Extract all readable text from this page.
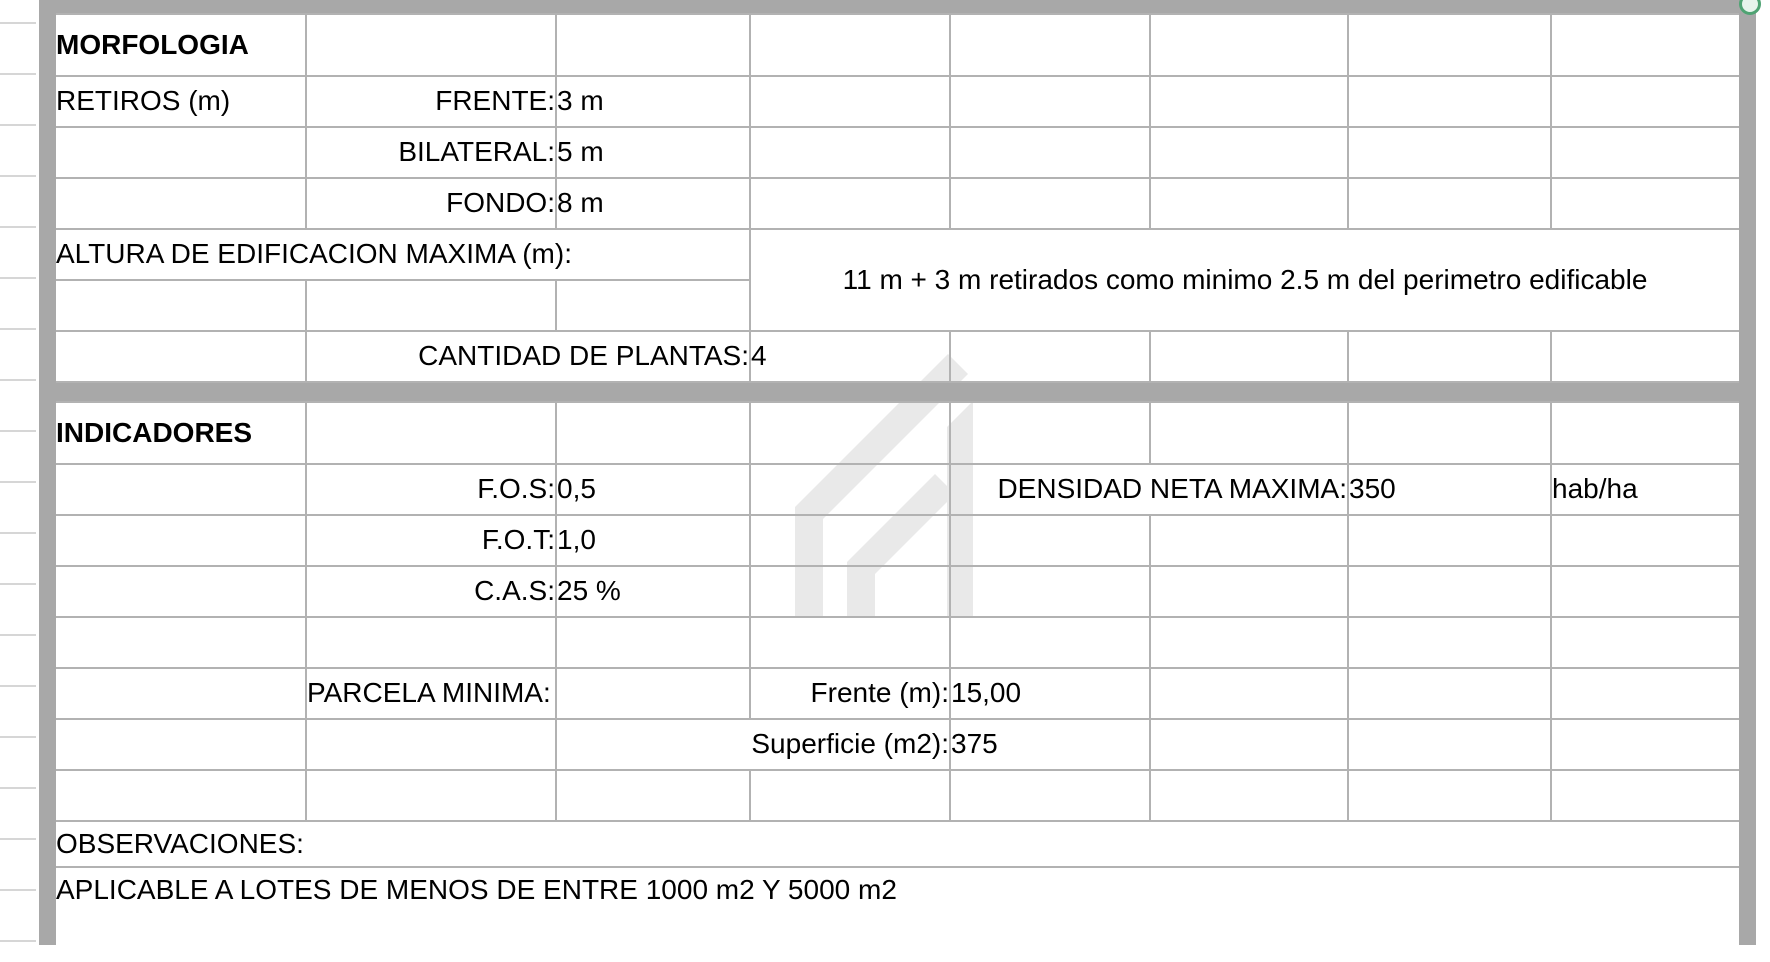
MORFOLOGIA							
RETIROS (m)	FRENTE:	3 m					
	BILATERAL:	5 m					
	FONDO:	8 m					
ALTURA DE EDIFICACION MAXIMA (m):			11 m + 3 m retirados como minimo 2.5 m del perimetro edificable				

	CANTIDAD DE PLANTAS:		4				
INDICADORES							
	F.O.S:	0,5		DENSIDAD NETA MAXIMA:		350	hab/ha
	F.O.T:	1,0					
	C.A.S:	25 %					

	PARCELA MINIMA:		Frente (m):	15,00			
		Superficie (m2):		375			

OBSERVACIONES:							
APLICABLE A LOTES DE MENOS DE ENTRE 1000 m2 Y 5000 m2							
